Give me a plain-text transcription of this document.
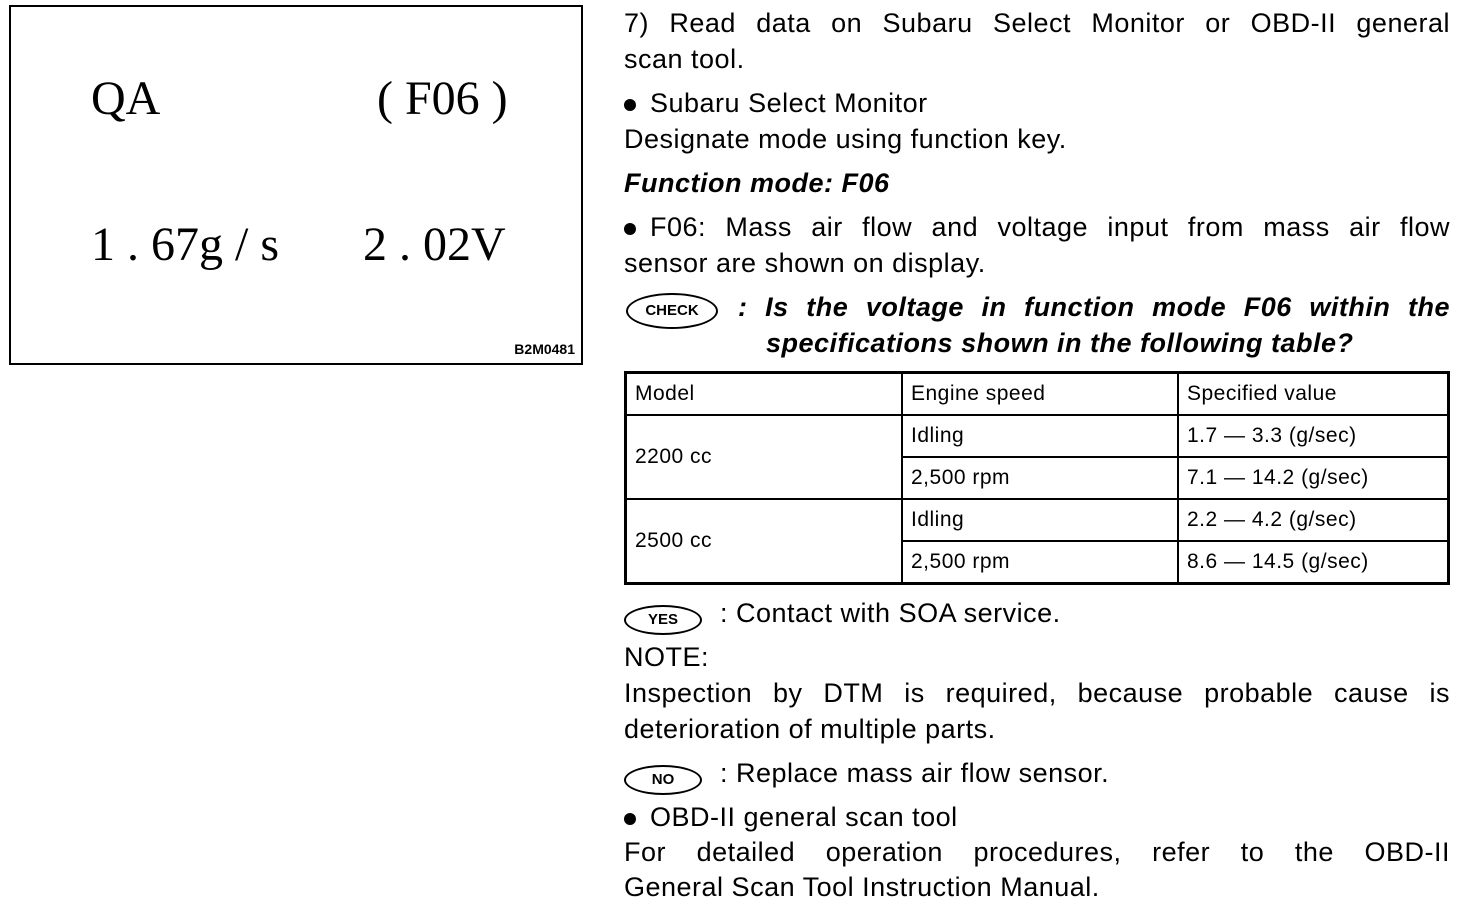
QA	( F06 )
1 . 67g / s 2 . 02V
B2M0481
7) Read data on Subaru Select Monitor or OBD-II general
scan tool.
Subaru Select Monitor
Designate mode using function key.
Function mode: F06
F06: Mass air flow and voltage input from mass air flow
sensor are shown on display.
CHECK	: Is the voltage in function mode F06 within the
specifications shown in the following table?
Model	Engine speed	Specified value
2200 cc	Idling	1.7 — 3.3 (g/sec)
	2,500 rpm	7.1 — 14.2 (g/sec)
2500 cc	Idling	2.2 — 4.2 (g/sec)
	2,500 rpm	8.6 — 14.5 (g/sec)
YES	: Contact with SOA service.
NOTE:
Inspection by DTM is required, because probable cause is
deterioration of multiple parts.
NO	: Replace mass air flow sensor.
OBD-II general scan tool
For detailed operation procedures, refer to the OBD-II
General Scan Tool Instruction Manual.
